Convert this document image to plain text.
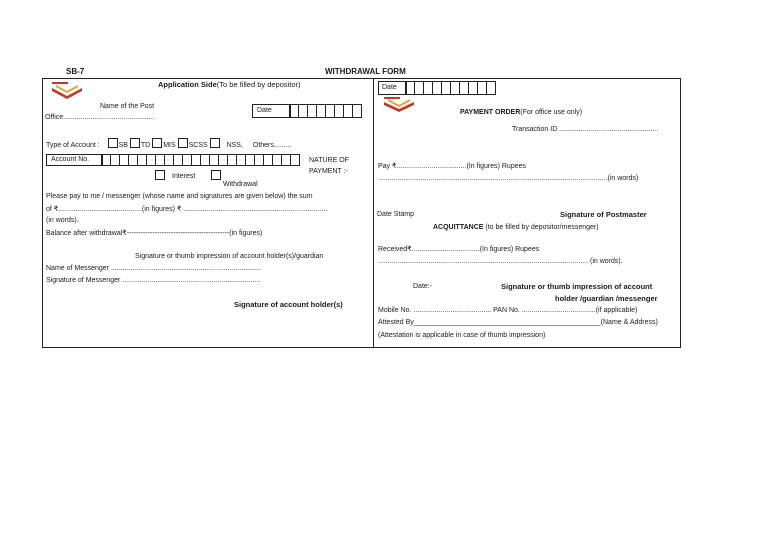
SB-7	WITHDRAWAL FORM
Application Side(To be filled by depositor)
Name of the Post
Office...............................................
Date
Type of Account :	SB TD MIS SCSS	NSS, Others.........
Account No.	NATURE OF
PAYMENT :-
Interest
Withdrawal
Please pay to me / messenger (whose name and signatures are given below) the sum
of ₹...........................................(in figures) ₹ ..........................................................................
(in words).
Balance after withdrawal₹--------------------------------------------(in figures)
Signature or thumb impression of account holder(s)/guardian
Name of Messenger .............................................................................
Signature of Messenger .......................................................................
Signature of account holder(s)
Date
PAYMENT ORDER(For office use only)
Transaction ID ...................................................
Pay ₹....................................(In figures) Rupees
......................................................................................................................(in words)
Date Stamp	Signature of Postmaster
ACQUITTANCE (to be filled by depositor/messenger)
Received₹...................................(In figures) Rupees
............................................................................................................ (in words).
Date:-	Signature or thumb impression of account
holder /guardian /messenger
Mobile No. ........................................ PAN No. ......................................(if applicable)
Attested By________________________________________________(Name & Address)
(Attestation is applicable in case of thumb impression)
